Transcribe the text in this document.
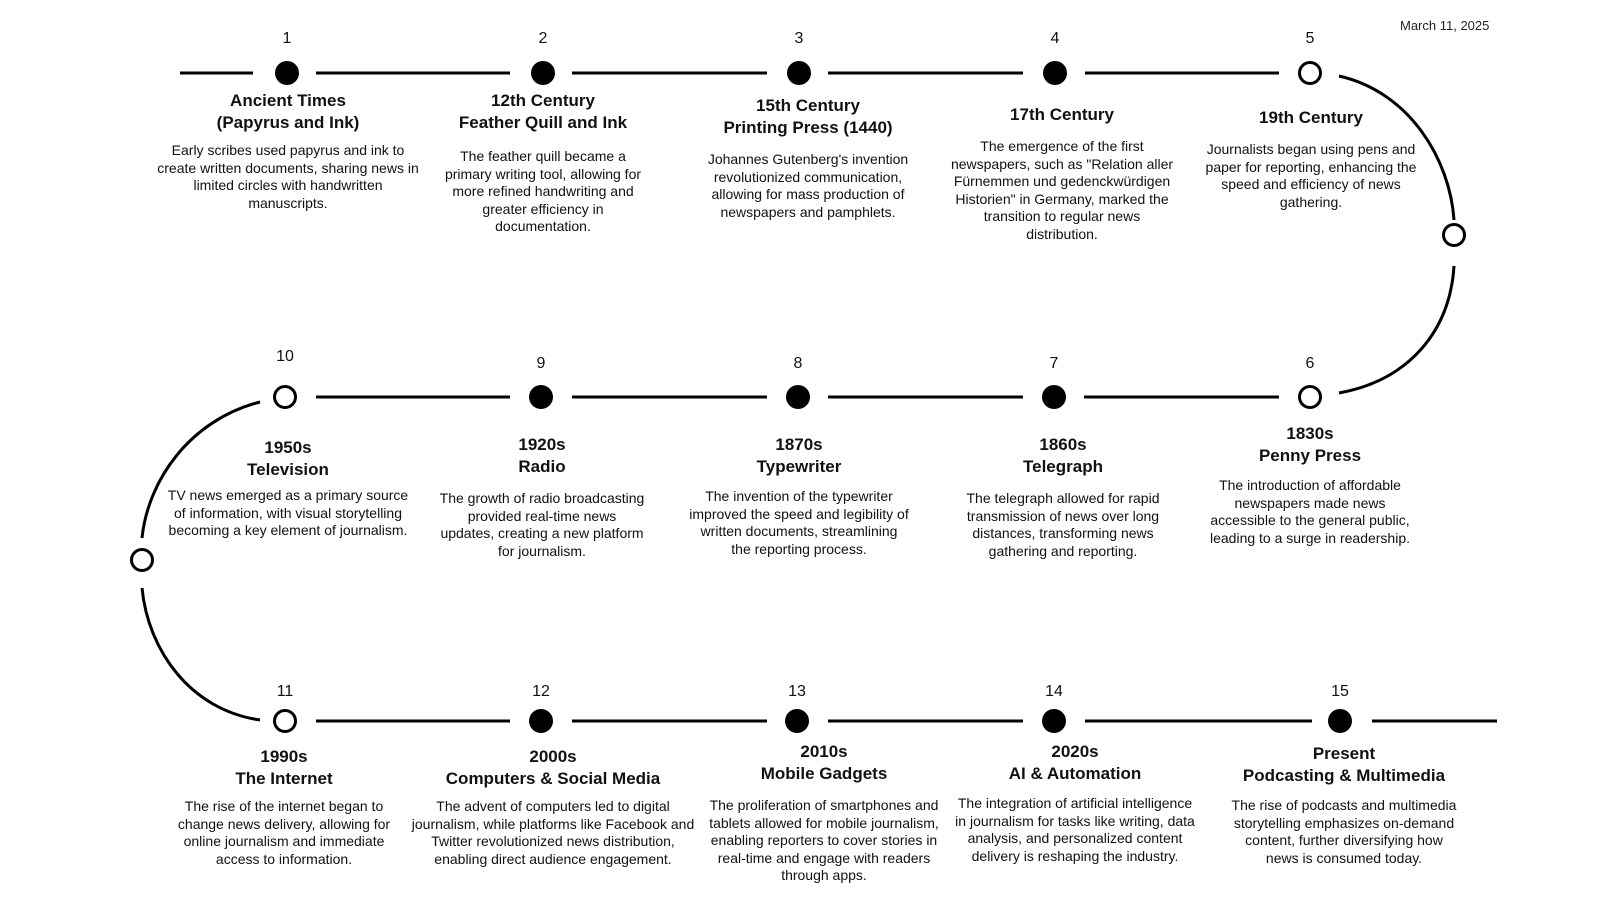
March 11, 2025
1
Ancient Times
(Papyrus and Ink)
Early scribes used papyrus and ink to create written documents, sharing news in limited circles with handwritten manuscripts.
2
12th Century
Feather Quill and Ink
The feather quill became a primary writing tool, allowing for more refined handwriting and greater efficiency in documentation.
3
15th Century
Printing Press (1440)
Johannes Gutenberg's invention revolutionized communication, allowing for mass production of newspapers and pamphlets.
4
17th Century
The emergence of the first newspapers, such as "Relation aller Fürnemmen und gedenckwürdigen Historien" in Germany, marked the transition to regular news distribution.
5
19th Century
Journalists began using pens and paper for reporting, enhancing the speed and efficiency of news gathering.
6
1830s
Penny Press
The introduction of affordable newspapers made news accessible to the general public, leading to a surge in readership.
7
1860s
Telegraph
The telegraph allowed for rapid transmission of news over long distances, transforming news gathering and reporting.
8
1870s
Typewriter
The invention of the typewriter improved the speed and legibility of written documents, streamlining the reporting process.
9
1920s
Radio
The growth of radio broadcasting provided real-time news updates, creating a new platform for journalism.
10
1950s
Television
TV news emerged as a primary source of information, with visual storytelling becoming a key element of journalism.
11
1990s
The Internet
The rise of the internet began to change news delivery, allowing for online journalism and immediate access to information.
12
2000s
Computers & Social Media
The advent of computers led to digital journalism, while platforms like Facebook and Twitter revolutionized news distribution, enabling direct audience engagement.
13
2010s
Mobile Gadgets
The proliferation of smartphones and tablets allowed for mobile journalism, enabling reporters to cover stories in real-time and engage with readers through apps.
14
2020s
AI & Automation
The integration of artificial intelligence in journalism for tasks like writing, data analysis, and personalized content delivery is reshaping the industry.
15
Present
Podcasting & Multimedia
The rise of podcasts and multimedia storytelling emphasizes on-demand content, further diversifying how news is consumed today.
